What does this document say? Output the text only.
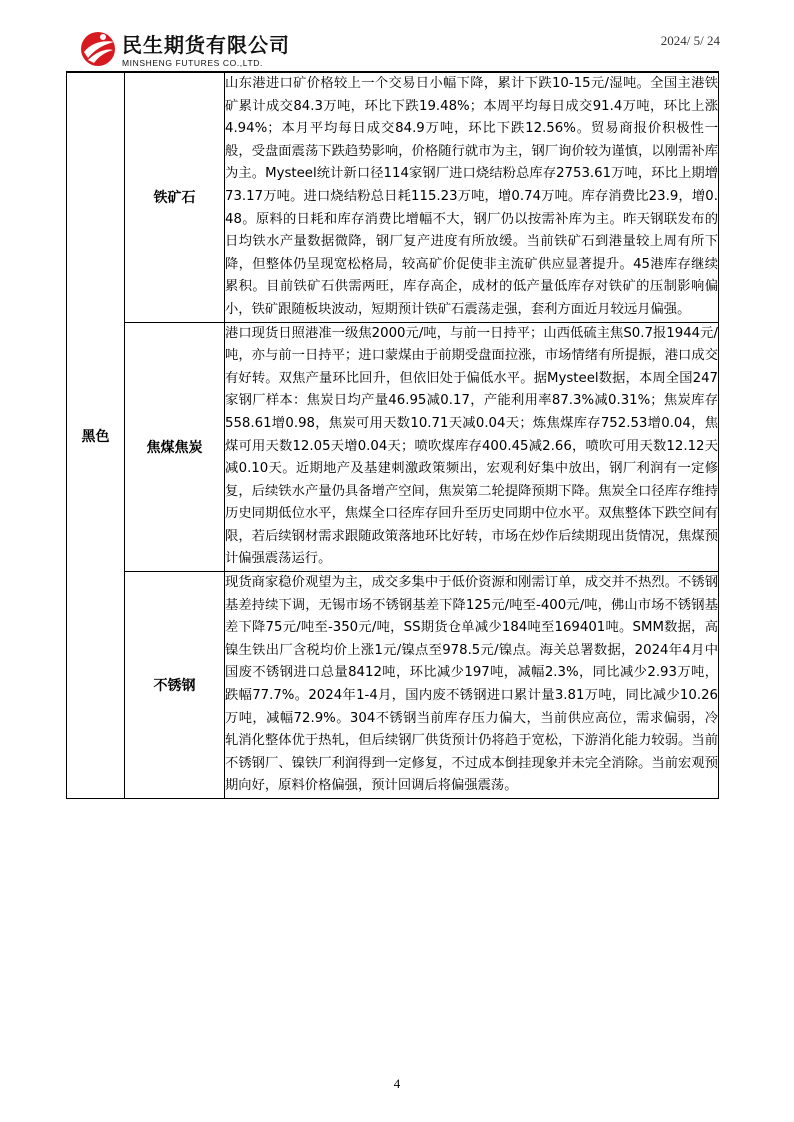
民生期货有限公司
MINSHENG FUTURES CO.,LTD.
2024/ 5/ 24
黑色	铁矿石	山东港进口矿价格较上一个交易日小幅下降，累计下跌10-15元/湿吨。全国主港铁矿累计成交84.3万吨，环比下跌19.48%；本周平均每日成交91.4万吨，环比上涨4.94%；本月平均每日成交84.9万吨，环比下跌12.56%。贸易商报价积极性一般，受盘面震荡下跌趋势影响，价格随行就市为主，钢厂询价较为谨慎，以刚需补库为主。Mysteel统计新口径114家钢厂进口烧结粉总库存2753.61万吨，环比上期增73.17万吨。进口烧结粉总日耗115.23万吨，增0.74万吨。库存消费比23.9，增0.48。原料的日耗和库存消费比增幅不大，钢厂仍以按需补库为主。昨天钢联发布的日均铁水产量数据微降，钢厂复产进度有所放缓。当前铁矿石到港量较上周有所下降，但整体仍呈现宽松格局，较高矿价促使非主流矿供应显著提升。45港库存继续累积。目前铁矿石供需两旺，库存高企，成材的低产量低库存对铁矿的压制影响偏小，铁矿跟随板块波动，短期预计铁矿石震荡走强，套利方面近月较远月偏强。
	焦煤焦炭	港口现货日照港准一级焦2000元/吨，与前一日持平；山西低硫主焦S0.7报1944元/吨，亦与前一日持平；进口蒙煤由于前期受盘面拉涨，市场情绪有所提振，港口成交有好转。双焦产量环比回升，但依旧处于偏低水平。据Mysteel数据，本周全国247家钢厂样本：焦炭日均产量46.95减0.17，产能利用率87.3%减0.31%；焦炭库存558.61增0.98，焦炭可用天数10.71天减0.04天；炼焦煤库存752.53增0.04，焦煤可用天数12.05天增0.04天；喷吹煤库存400.45减2.66，喷吹可用天数12.12天减0.10天。近期地产及基建刺激政策频出，宏观利好集中放出，钢厂利润有一定修复，后续铁水产量仍具备增产空间，焦炭第二轮提降预期下降。焦炭全口径库存维持历史同期低位水平，焦煤全口径库存回升至历史同期中位水平。双焦整体下跌空间有限，若后续钢材需求跟随政策落地环比好转，市场在炒作后续期现出货情况，焦煤预计偏强震荡运行。
	不锈钢	现货商家稳价观望为主，成交多集中于低价资源和刚需订单，成交并不热烈。不锈钢基差持续下调，无锡市场不锈钢基差下降125元/吨至-400元/吨，佛山市场不锈钢基差下降75元/吨至-350元/吨，SS期货仓单减少184吨至169401吨。SMM数据，高镍生铁出厂含税均价上涨1元/镍点至978.5元/镍点。海关总署数据，2024年4月中国废不锈钢进口总量8412吨，环比减少197吨，减幅2.3%，同比减少2.93万吨，跌幅77.7%。2024年1-4月，国内废不锈钢进口累计量3.81万吨，同比减少10.26万吨，减幅72.9%。304不锈钢当前库存压力偏大，当前供应高位，需求偏弱，冷轧消化整体优于热轧，但后续钢厂供货预计仍将趋于宽松，下游消化能力较弱。当前不锈钢厂、镍铁厂利润得到一定修复，不过成本倒挂现象并未完全消除。当前宏观预期向好，原料价格偏强，预计回调后将偏强震荡。
4
